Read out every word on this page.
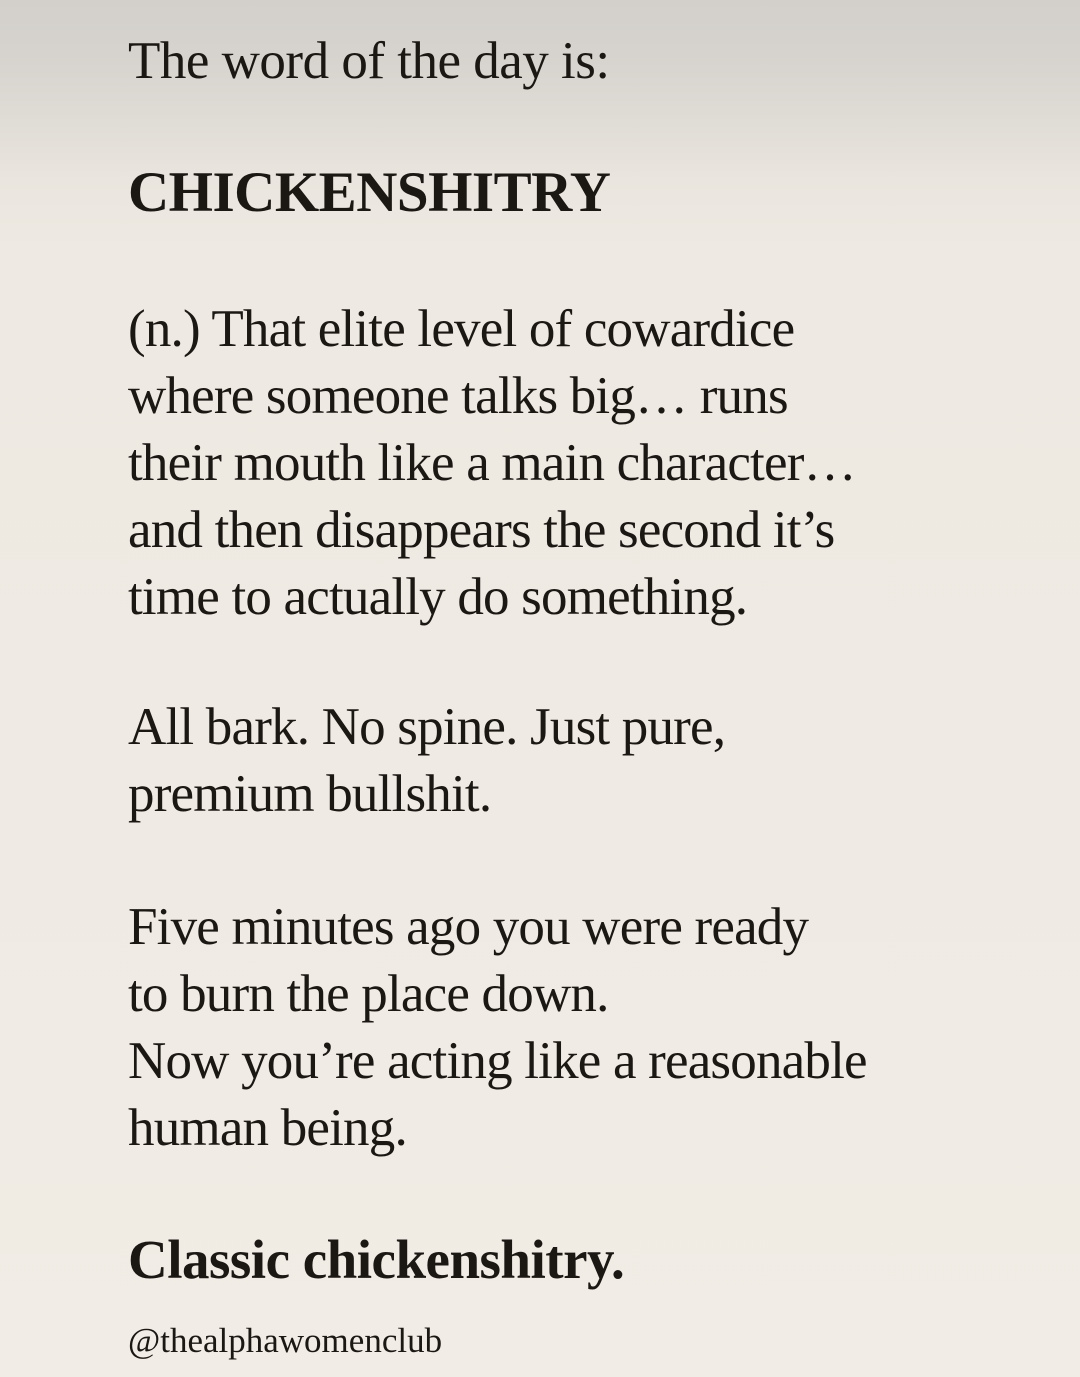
The word of the day is:
CHICKENSHITRY
(n.) That elite level of cowardice
where someone talks big… runs
their mouth like a main character…
and then disappears the second it’s
time to actually do something.
All bark. No spine. Just pure,
premium bullshit.
Five minutes ago you were ready
to burn the place down.
Now you’re acting like a reasonable
human being.
Classic chickenshitry.
@thealphawomenclub
